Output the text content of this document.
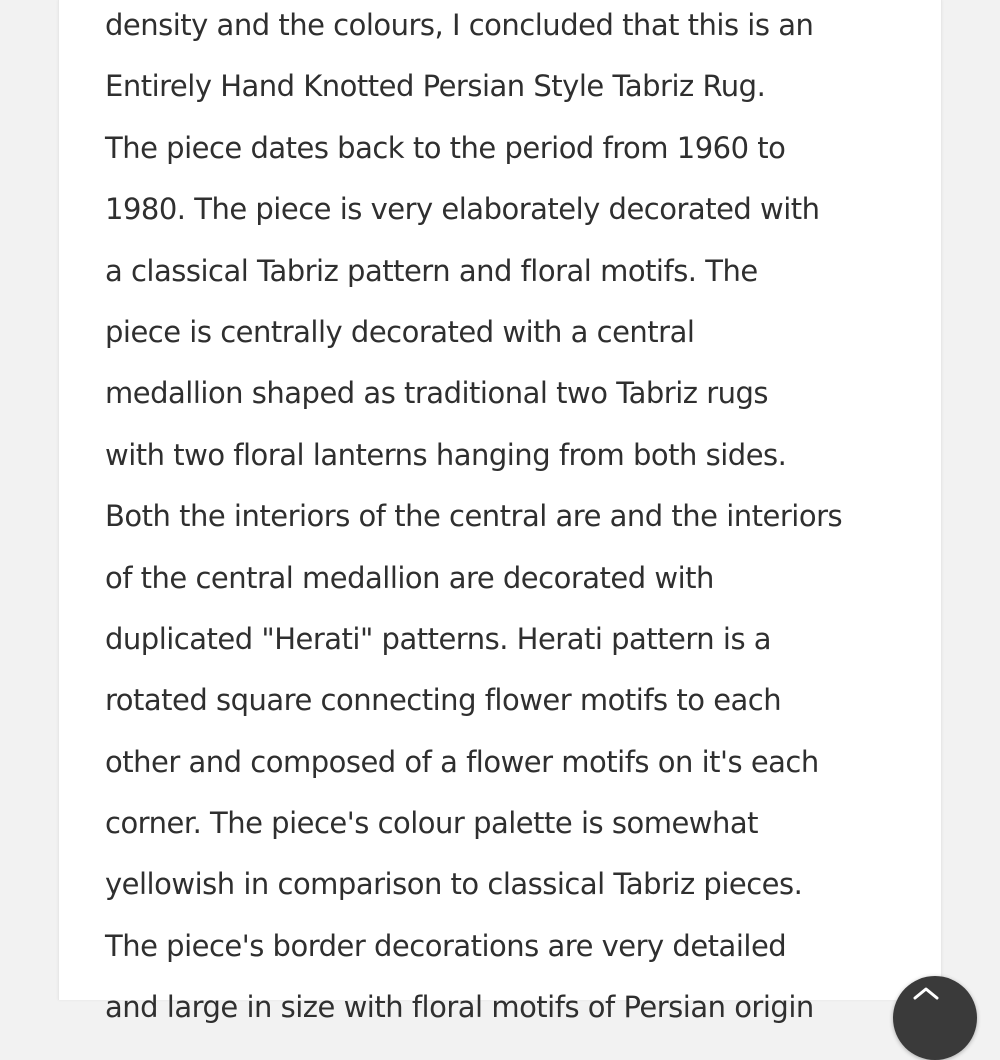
density and the colours, I concluded that this is an
Entirely Hand Knotted Persian Style Tabriz Rug.
The piece dates back to the period from 1960 to
1980. The piece is very elaborately decorated with
a classical Tabriz pattern and floral motifs. The
piece is centrally decorated with a central
medallion shaped as traditional two Tabriz rugs
with two floral lanterns hanging from both sides.
Both the interiors of the central are and the interiors
of the central medallion are decorated with
duplicated "Herati" patterns. Herati pattern is a
rotated square connecting flower motifs to each
other and composed of a flower motifs on it's each
corner. The piece's colour palette is somewhat
yellowish in comparison to classical Tabriz pieces.
The piece's border decorations are very detailed
and large in size with floral motifs of Persian origin
